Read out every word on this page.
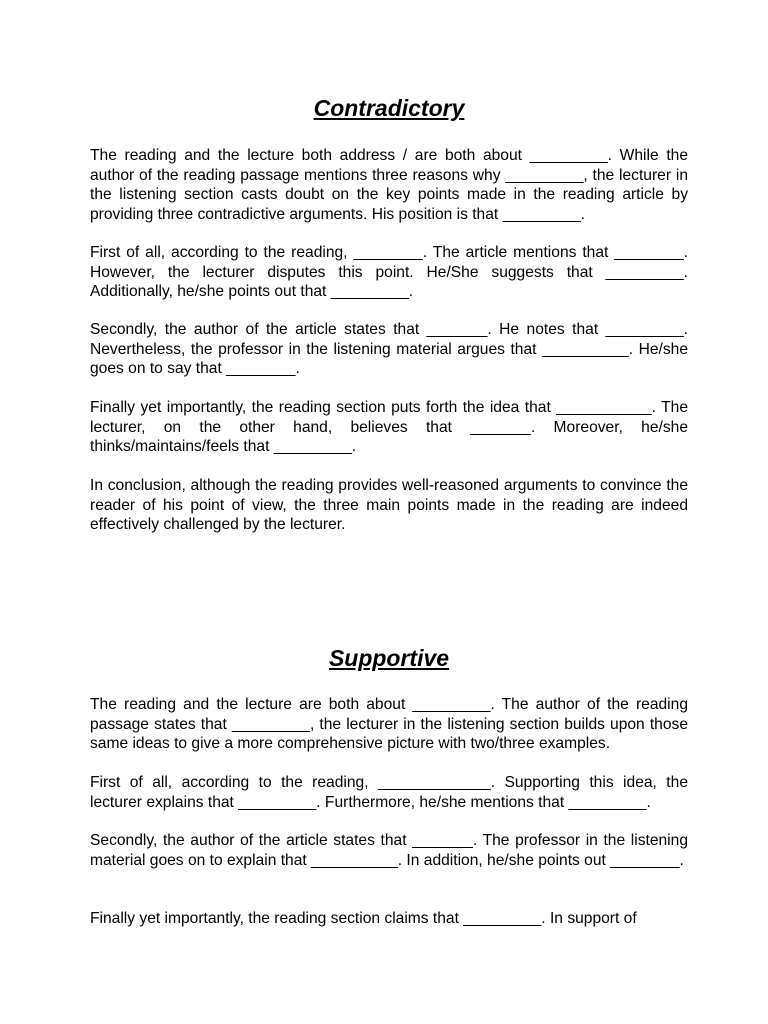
Contradictory

The reading and the lecture both address / are both about _________. While the author of the reading passage mentions three reasons why _________, the lecturer in the listening section casts doubt on the key points made in the reading article by providing three contradictive arguments. His position is that _________.

First of all, according to the reading, ________. The article mentions that ________. However, the lecturer disputes this point. He/She suggests that _________. Additionally, he/she points out that _________.

Secondly, the author of the article states that _______. He notes that _________. Nevertheless, the professor in the listening material argues that __________. He/she goes on to say that ________.

Finally yet importantly, the reading section puts forth the idea that ___________. The lecturer, on the other hand, believes that _______. Moreover, he/she thinks/maintains/feels that _________.

In conclusion, although the reading provides well-reasoned arguments to convince the reader of his point of view, the three main points made in the reading are indeed effectively challenged by the lecturer.

Supportive

The reading and the lecture are both about _________. The author of the reading passage states that _________, the lecturer in the listening section builds upon those same ideas to give a more comprehensive picture with two/three examples.

First of all, according to the reading, _____________. Supporting this idea, the lecturer explains that _________. Furthermore, he/she mentions that _________.

Secondly, the author of the article states that _______. The professor in the listening material goes on to explain that __________. In addition, he/she points out ________.

Finally yet importantly, the reading section claims that _________. In support of
